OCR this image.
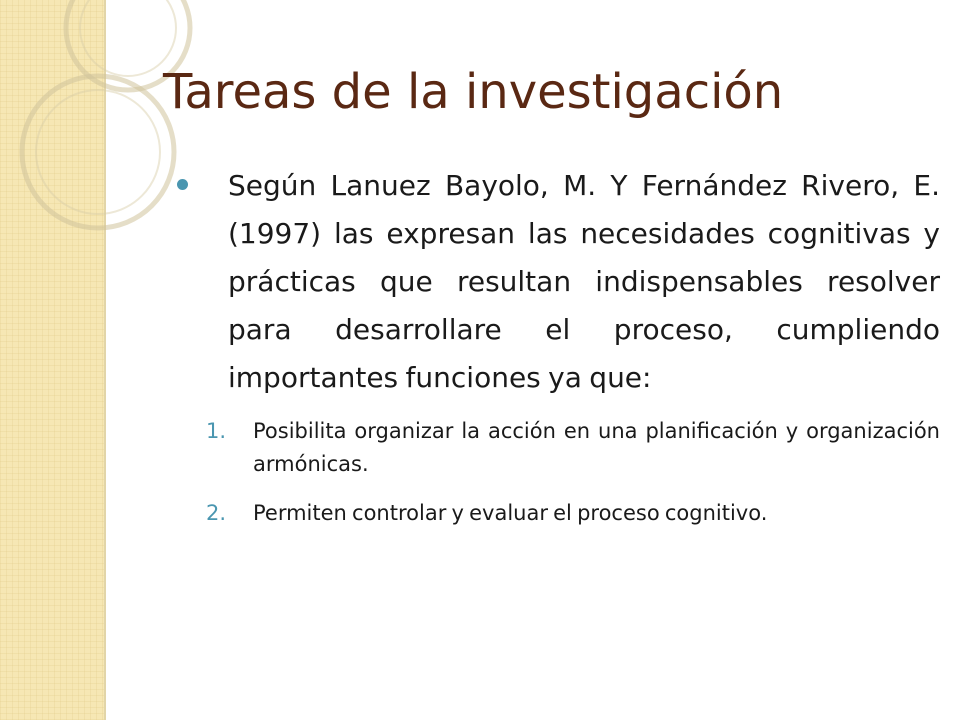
Tareas de la investigación
Según Lanuez Bayolo, M. Y Fernández Rivero, E. (1997) las expresan las necesidades cognitivas y prácticas que resultan indispensables resolver para desarrollare el proceso, cumpliendo importantes funciones ya que:
1. Posibilita organizar la acción en una planificación y organización armónicas.
2. Permiten controlar y evaluar el proceso cognitivo.
